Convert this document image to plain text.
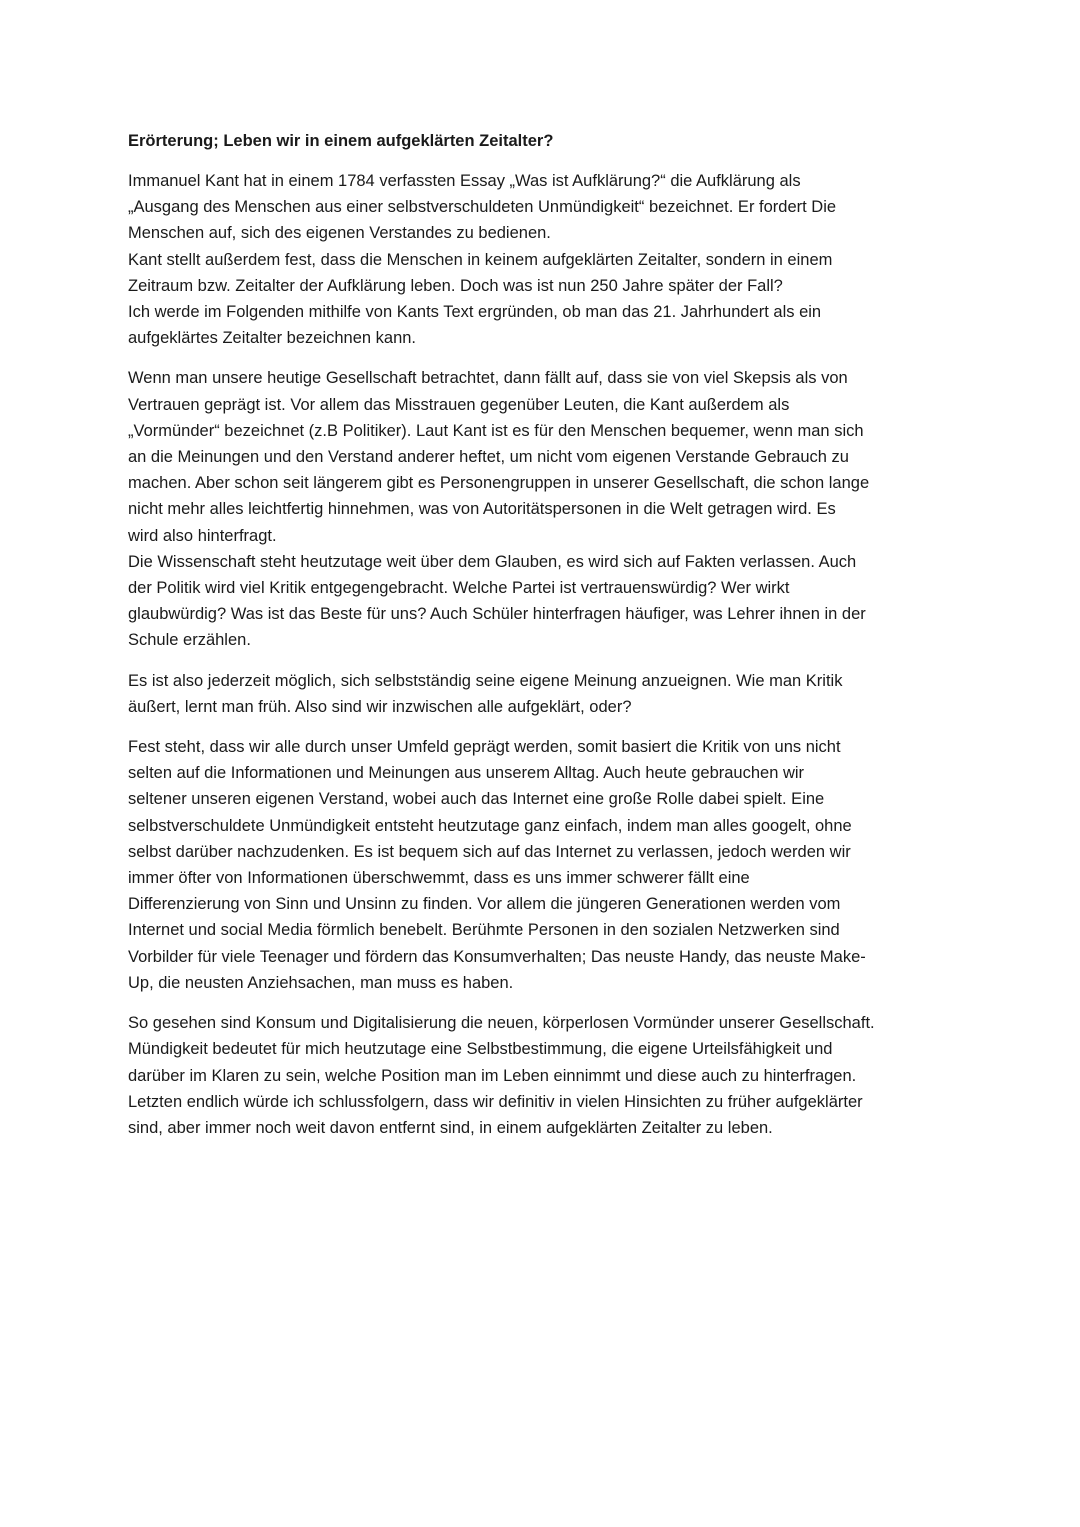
Erörterung; Leben wir in einem aufgeklärten Zeitalter?
Immanuel Kant hat in einem 1784 verfassten Essay „Was ist Aufklärung?“ die Aufklärung als
„Ausgang des Menschen aus einer selbstverschuldeten Unmündigkeit“ bezeichnet. Er fordert Die
Menschen auf, sich des eigenen Verstandes zu bedienen.
Kant stellt außerdem fest, dass die Menschen in keinem aufgeklärten Zeitalter, sondern in einem
Zeitraum bzw. Zeitalter der Aufklärung leben. Doch was ist nun 250 Jahre später der Fall?
Ich werde im Folgenden mithilfe von Kants Text ergründen, ob man das 21. Jahrhundert als ein
aufgeklärtes Zeitalter bezeichnen kann.
Wenn man unsere heutige Gesellschaft betrachtet, dann fällt auf, dass sie von viel Skepsis als von
Vertrauen geprägt ist. Vor allem das Misstrauen gegenüber Leuten, die Kant außerdem als
„Vormünder“ bezeichnet (z.B Politiker). Laut Kant ist es für den Menschen bequemer, wenn man sich
an die Meinungen und den Verstand anderer heftet, um nicht vom eigenen Verstande Gebrauch zu
machen. Aber schon seit längerem gibt es Personengruppen in unserer Gesellschaft, die schon lange
nicht mehr alles leichtfertig hinnehmen, was von Autoritätspersonen in die Welt getragen wird. Es
wird also hinterfragt.
Die Wissenschaft steht heutzutage weit über dem Glauben, es wird sich auf Fakten verlassen. Auch
der Politik wird viel Kritik entgegengebracht. Welche Partei ist vertrauenswürdig? Wer wirkt
glaubwürdig? Was ist das Beste für uns? Auch Schüler hinterfragen häufiger, was Lehrer ihnen in der
Schule erzählen.
Es ist also jederzeit möglich, sich selbstständig seine eigene Meinung anzueignen. Wie man Kritik
äußert, lernt man früh. Also sind wir inzwischen alle aufgeklärt, oder?
Fest steht, dass wir alle durch unser Umfeld geprägt werden, somit basiert die Kritik von uns nicht
selten auf die Informationen und Meinungen aus unserem Alltag. Auch heute gebrauchen wir
seltener unseren eigenen Verstand, wobei auch das Internet eine große Rolle dabei spielt. Eine
selbstverschuldete Unmündigkeit entsteht heutzutage ganz einfach, indem man alles googelt, ohne
selbst darüber nachzudenken. Es ist bequem sich auf das Internet zu verlassen, jedoch werden wir
immer öfter von Informationen überschwemmt, dass es uns immer schwerer fällt eine
Differenzierung von Sinn und Unsinn zu finden. Vor allem die jüngeren Generationen werden vom
Internet und social Media förmlich benebelt. Berühmte Personen in den sozialen Netzwerken sind
Vorbilder für viele Teenager und fördern das Konsumverhalten; Das neuste Handy, das neuste Make-
Up, die neusten Anziehsachen, man muss es haben.
So gesehen sind Konsum und Digitalisierung die neuen, körperlosen Vormünder unserer Gesellschaft.
Mündigkeit bedeutet für mich heutzutage eine Selbstbestimmung, die eigene Urteilsfähigkeit und
darüber im Klaren zu sein, welche Position man im Leben einnimmt und diese auch zu hinterfragen.
Letzten endlich würde ich schlussfolgern, dass wir definitiv in vielen Hinsichten zu früher aufgeklärter
sind, aber immer noch weit davon entfernt sind, in einem aufgeklärten Zeitalter zu leben.
